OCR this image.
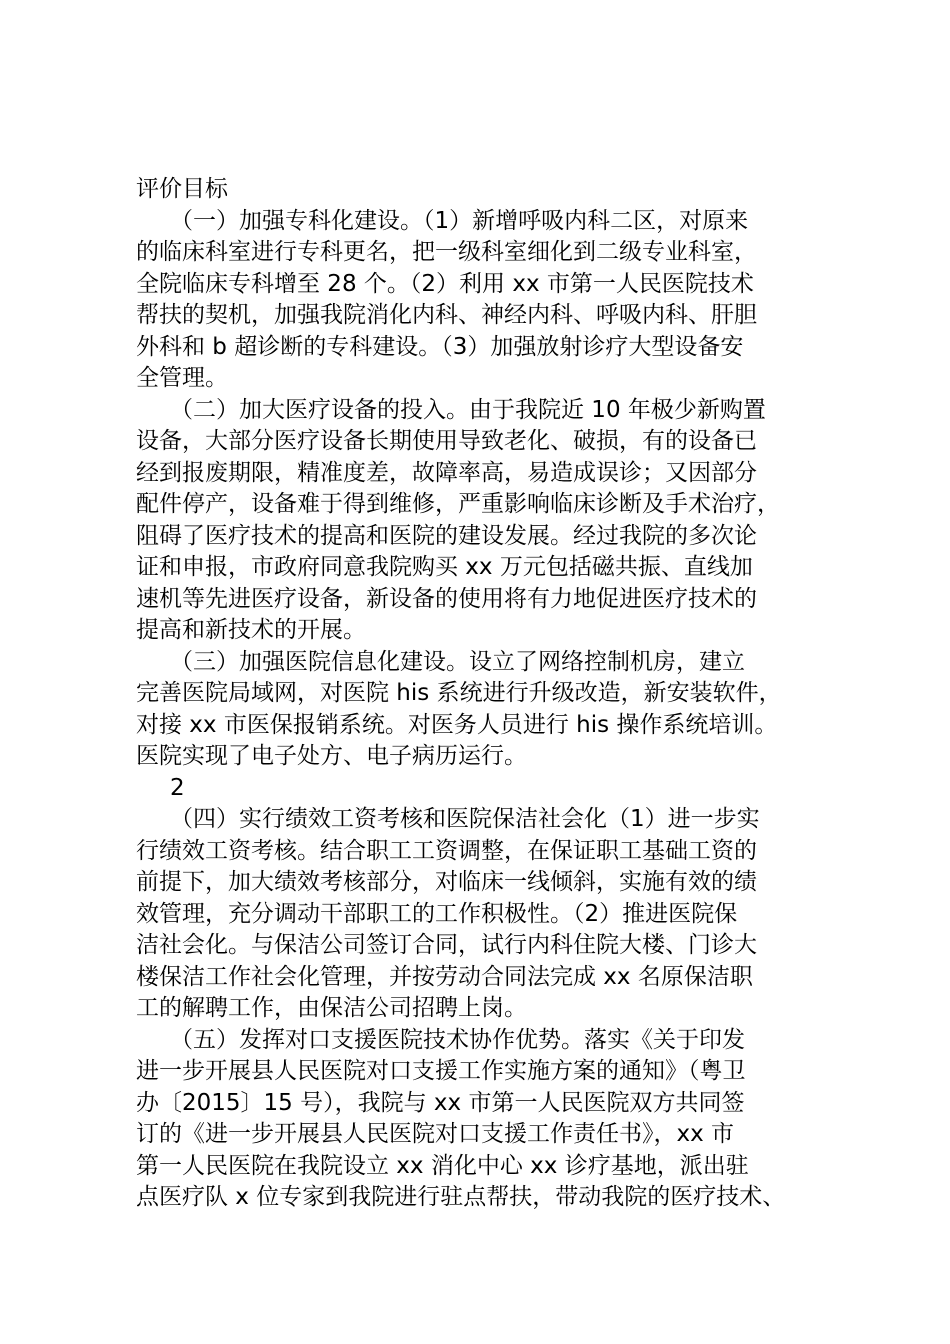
评价目标
（一）加强专科化建设。（1）新增呼吸内科二区，对原来
的临床科室进行专科更名，把一级科室细化到二级专业科室，
全院临床专科增至 28 个。（2）利用 xx 市第一人民医院技术
帮扶的契机，加强我院消化内科、神经内科、呼吸内科、肝胆
外科和 b 超诊断的专科建设。（3）加强放射诊疗大型设备安
全管理。
（二）加大医疗设备的投入。由于我院近 10 年极少新购置
设备，大部分医疗设备长期使用导致老化、破损，有的设备已
经到报废期限，精准度差，故障率高，易造成误诊；又因部分
配件停产，设备难于得到维修，严重影响临床诊断及手术治疗，
阻碍了医疗技术的提高和医院的建设发展。经过我院的多次论
证和申报，市政府同意我院购买 xx 万元包括磁共振、直线加
速机等先进医疗设备，新设备的使用将有力地促进医疗技术的
提高和新技术的开展。
（三）加强医院信息化建设。设立了网络控制机房，建立
完善医院局域网，对医院 his 系统进行升级改造，新安装软件，
对接 xx 市医保报销系统。对医务人员进行 his 操作系统培训。
医院实现了电子处方、电子病历运行。
2
（四）实行绩效工资考核和医院保洁社会化（1）进一步实
行绩效工资考核。结合职工工资调整，在保证职工基础工资的
前提下，加大绩效考核部分，对临床一线倾斜，实施有效的绩
效管理，充分调动干部职工的工作积极性。（2）推进医院保
洁社会化。与保洁公司签订合同，试行内科住院大楼、门诊大
楼保洁工作社会化管理，并按劳动合同法完成 xx 名原保洁职
工的解聘工作，由保洁公司招聘上岗。
（五）发挥对口支援医院技术协作优势。落实《关于印发
进一步开展县人民医院对口支援工作实施方案的通知》（粤卫
办〔2015〕15 号），我院与 xx 市第一人民医院双方共同签
订的《进一步开展县人民医院对口支援工作责任书》，xx 市
第一人民医院在我院设立 xx 消化中心 xx 诊疗基地，派出驻
点医疗队 x 位专家到我院进行驻点帮扶，带动我院的医疗技术、
